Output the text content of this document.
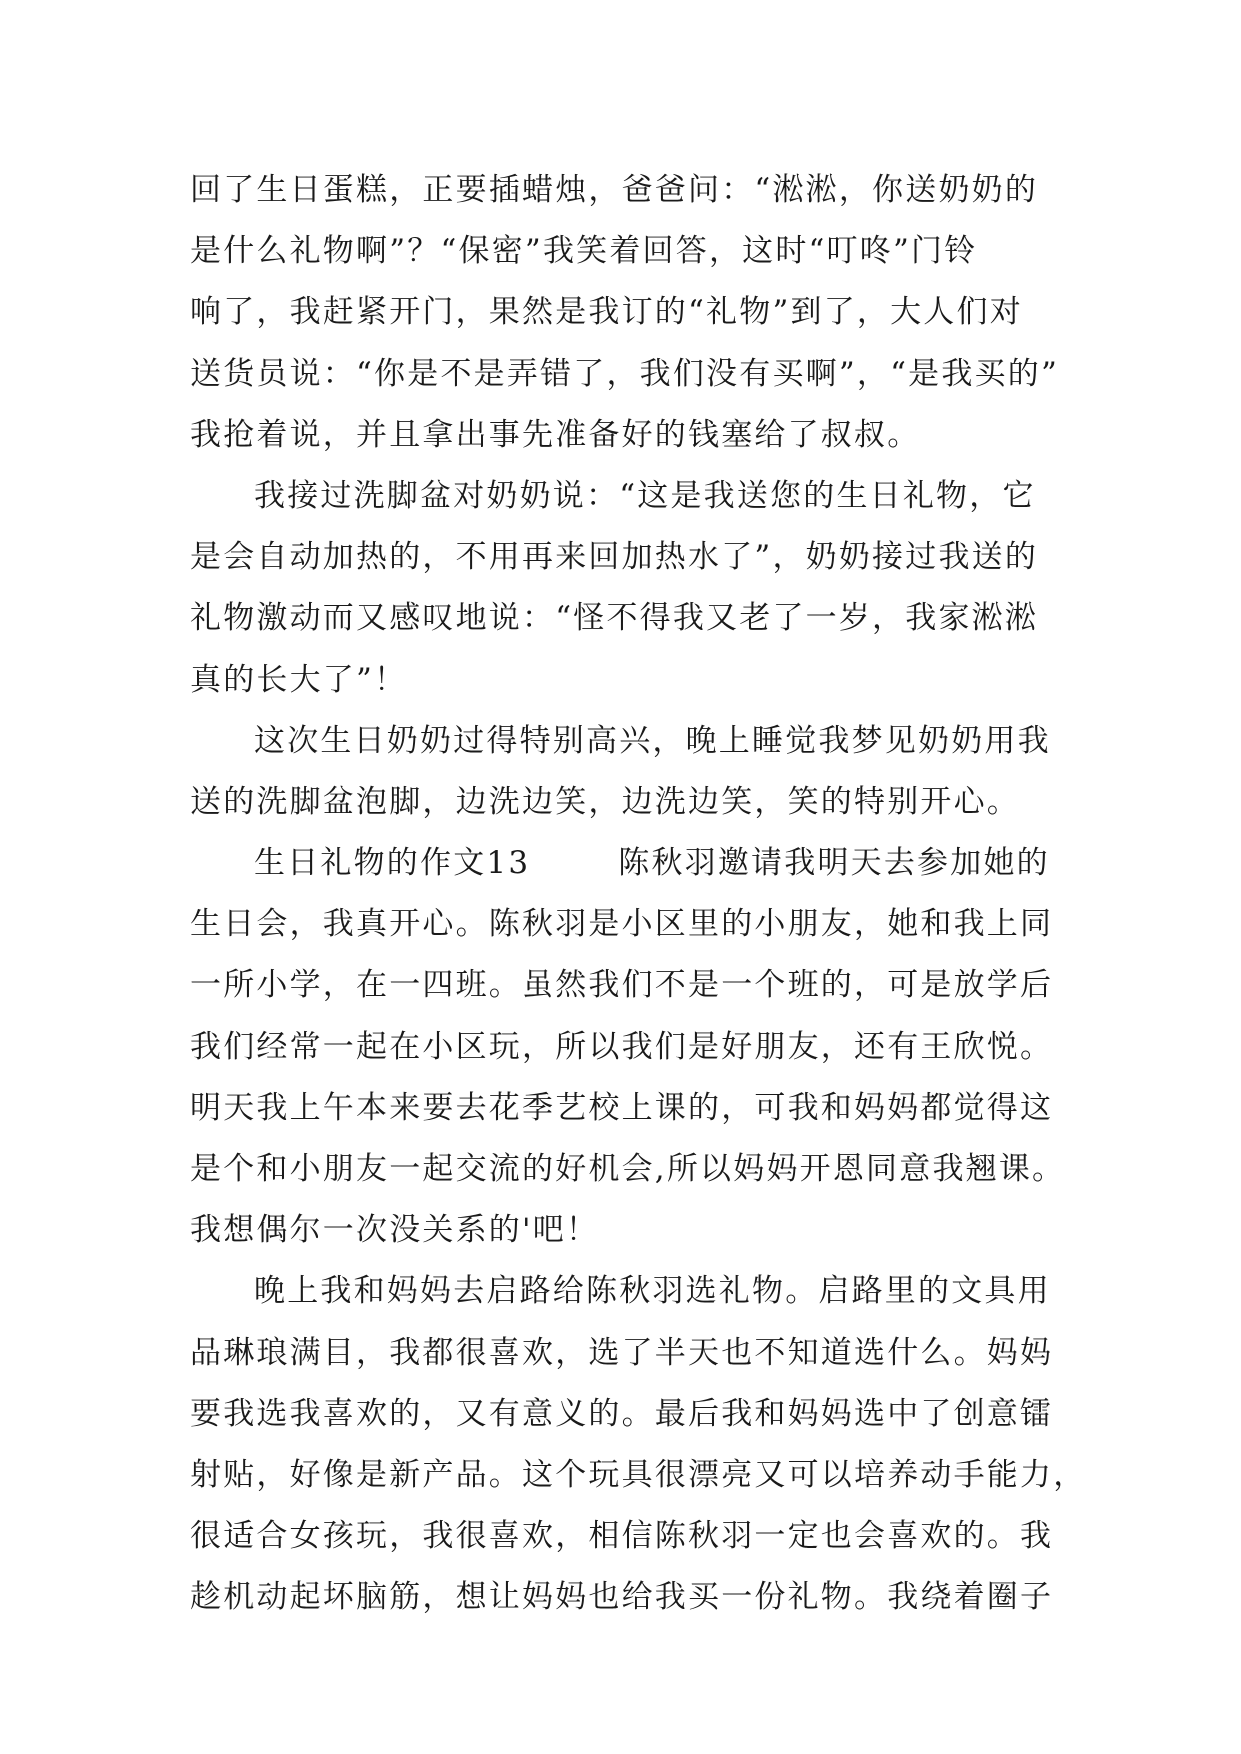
回了生日蛋糕，正要插蜡烛，爸爸问：“淞淞，你送奶奶的
是什么礼物啊”？“保密”我笑着回答，这时“叮咚”门铃
响了，我赶紧开门，果然是我订的“礼物”到了，大人们对
送货员说：“你是不是弄错了，我们没有买啊”，“是我买的”
我抢着说，并且拿出事先准备好的钱塞给了叔叔。
我接过洗脚盆对奶奶说：“这是我送您的生日礼物，它
是会自动加热的，不用再来回加热水了”，奶奶接过我送的
礼物激动而又感叹地说：“怪不得我又老了一岁，我家淞淞
真的长大了”！
这次生日奶奶过得特别高兴，晚上睡觉我梦见奶奶用我
送的洗脚盆泡脚，边洗边笑，边洗边笑，笑的特别开心。
生日礼物的作文13	陈秋羽邀请我明天去参加她的
生日会，我真开心。陈秋羽是小区里的小朋友，她和我上同
一所小学，在一四班。虽然我们不是一个班的，可是放学后
我们经常一起在小区玩，所以我们是好朋友，还有王欣悦。
明天我上午本来要去花季艺校上课的，可我和妈妈都觉得这
是个和小朋友一起交流的好机会,所以妈妈开恩同意我翘课。
我想偶尔一次没关系的'吧！
晚上我和妈妈去启路给陈秋羽选礼物。启路里的文具用
品琳琅满目，我都很喜欢，选了半天也不知道选什么。妈妈
要我选我喜欢的，又有意义的。最后我和妈妈选中了创意镭
射贴，好像是新产品。这个玩具很漂亮又可以培养动手能力，
很适合女孩玩，我很喜欢，相信陈秋羽一定也会喜欢的。我
趁机动起坏脑筋，想让妈妈也给我买一份礼物。我绕着圈子
